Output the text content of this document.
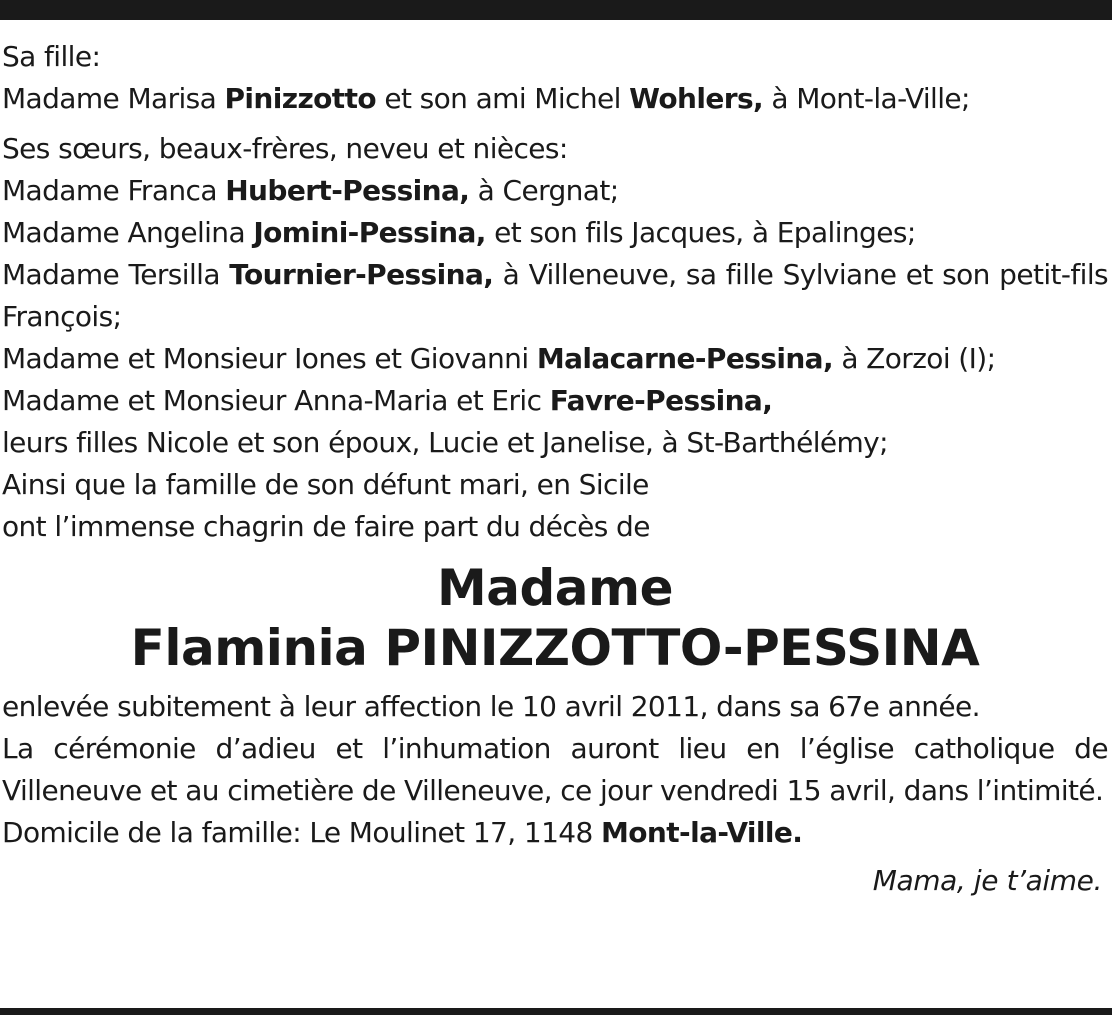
Sa fille:
Madame Marisa Pinizzotto et son ami Michel Wohlers, à Mont-la-Ville;
Ses sœurs, beaux-frères, neveu et nièces:
Madame Franca Hubert-Pessina, à Cergnat;
Madame Angelina Jomini-Pessina, et son fils Jacques, à Epalinges;
Madame Tersilla Tournier-Pessina, à Villeneuve, sa fille Sylviane et son petit-fils François;
Madame et Monsieur Iones et Giovanni Malacarne-Pessina, à Zorzoi (I);
Madame et Monsieur Anna-Maria et Eric Favre-Pessina,
leurs filles Nicole et son époux, Lucie et Janelise, à St-Barthélémy;
Ainsi que la famille de son défunt mari, en Sicile
ont l’immense chagrin de faire part du décès de
Madame
Flaminia PINIZZOTTO-PESSINA
enlevée subitement à leur affection le 10 avril 2011, dans sa 67e année.
La cérémonie d’adieu et l’inhumation auront lieu en l’église catholique de Villeneuve et au cimetière de Villeneuve, ce jour vendredi 15 avril, dans l’intimité.
Domicile de la famille: Le Moulinet 17, 1148 Mont-la-Ville.
Mama, je t’aime.
